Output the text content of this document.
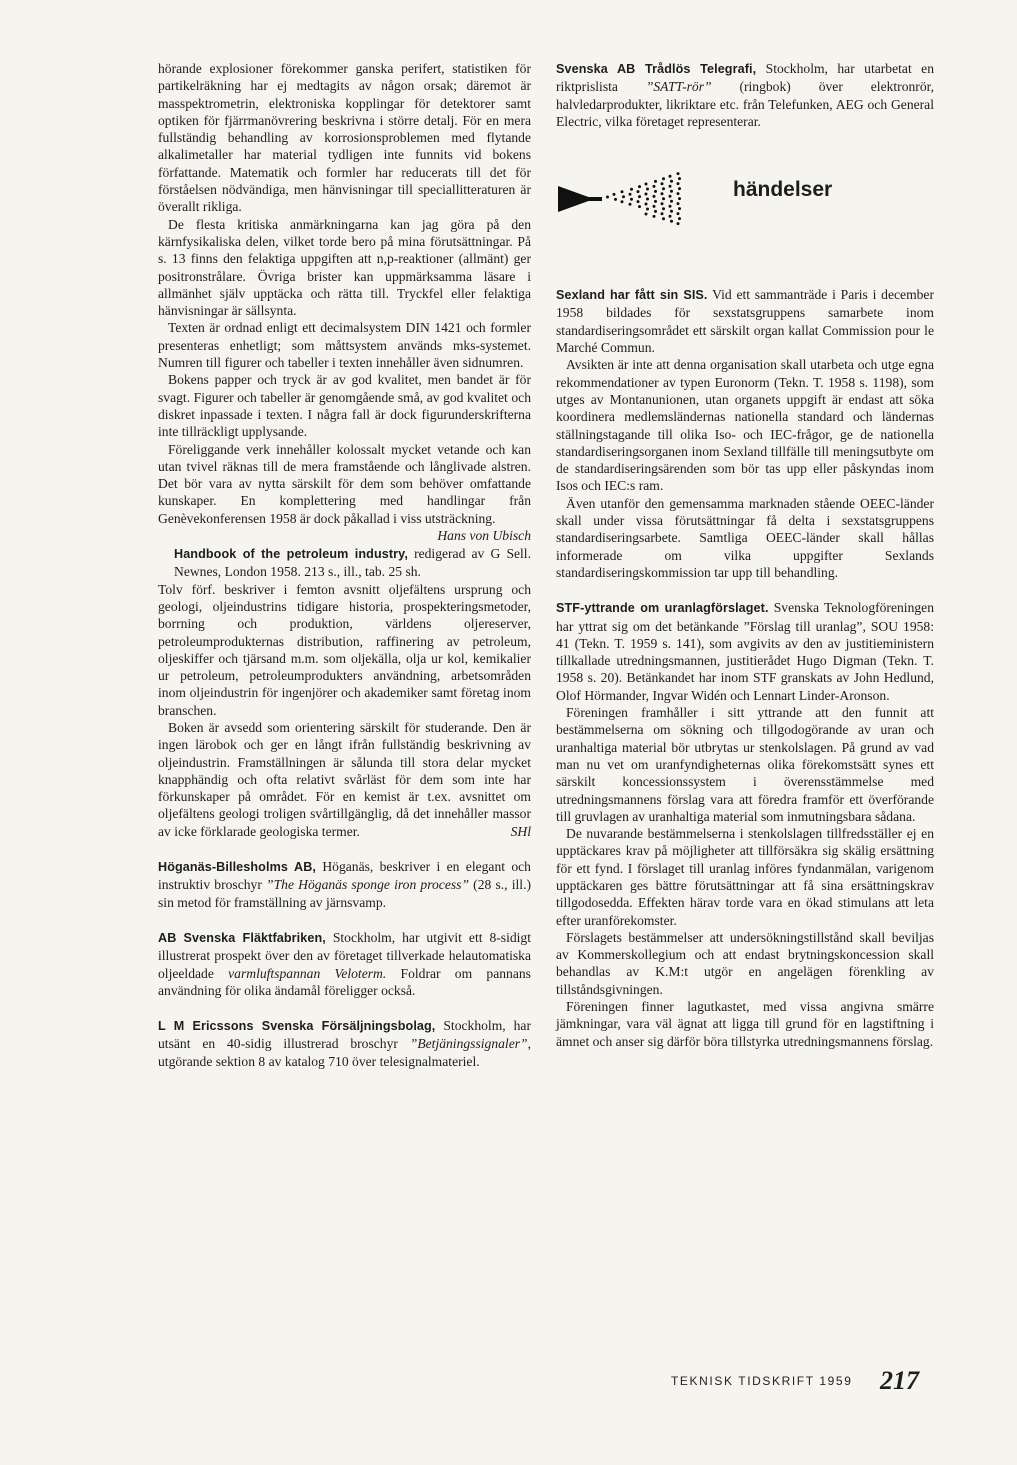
hörande explosioner förekommer ganska perifert, statistiken för partikelräkning har ej medtagits av någon orsak; däremot är masspektrometrin, elektroniska kopplingar för detektorer samt optiken för fjärrmanövrering beskrivna i större detalj. För en mera fullständig behandling av korrosionsproblemen med flytande alkalimetaller har material tydligen inte funnits vid bokens författande. Matematik och formler har reducerats till det för förståelsen nödvändiga, men hänvisningar till speciallitteraturen är överallt rikliga.

De flesta kritiska anmärkningarna kan jag göra på den kärnfysikaliska delen, vilket torde bero på mina förutsättningar. På s. 13 finns den felaktiga uppgiften att n,p-reaktioner (allmänt) ger positronstrålare. Övriga brister kan uppmärksamma läsare i allmänhet själv upptäcka och rätta till. Tryckfel eller felaktiga hänvisningar är sällsynta.

Texten är ordnad enligt ett decimalsystem DIN 1421 och formler presenteras enhetligt; som måttsystem används mks-systemet. Numren till figurer och tabeller i texten innehåller även sidnumren.

Bokens papper och tryck är av god kvalitet, men bandet är för svagt. Figurer och tabeller är genomgående små, av god kvalitet och diskret inpassade i texten. I några fall är dock figurunderskrifterna inte tillräckligt upplysande.

Föreliggande verk innehåller kolossalt mycket vetande och kan utan tvivel räknas till de mera framstående och långlivade alstren. Det bör vara av nytta särskilt för dem som behöver omfattande kunskaper. En komplettering med handlingar från Genèvekonferensen 1958 är dock påkallad i viss utsträckning.
Hans von Ubisch

Handbook of the petroleum industry, redigerad av G Sell. Newnes, London 1958. 213 s., ill., tab. 25 sh.

Tolv förf. beskriver i femton avsnitt oljefältens ursprung och geologi, oljeindustrins tidigare historia, prospekteringsmetoder, borrning och produktion, världens oljereserver, petroleumprodukternas distribution, raffinering av petroleum, oljeskiffer och tjärsand m.m. som oljekälla, olja ur kol, kemikalier ur petroleum, petroleumprodukters användning, arbetsområden inom oljeindustrin för ingenjörer och akademiker samt företag inom branschen.

Boken är avsedd som orientering särskilt för studerande. Den är ingen lärobok och ger en långt ifrån fullständig beskrivning av oljeindustrin. Framställningen är sålunda till stora delar mycket knapphändig och ofta relativt svårläst för dem som inte har förkunskaper på området. För en kemist är t.ex. avsnittet om oljefältens geologi troligen svårtillgänglig, då det innehåller massor av icke förklarade geologiska termer.	SHl

Höganäs-Billesholms AB, Höganäs, beskriver i en elegant och instruktiv broschyr ”The Höganäs sponge iron process” (28 s., ill.) sin metod för framställning av järnsvamp.

AB Svenska Fläktfabriken, Stockholm, har utgivit ett 8-sidigt illustrerat prospekt över den av företaget tillverkade helautomatiska oljeeldade varmluftspannan Veloterm. Foldrar om pannans användning för olika ändamål föreligger också.

L M Ericssons Svenska Försäljningsbolag, Stockholm, har utsänt en 40-sidig illustrerad broschyr ”Betjäningssignaler”, utgörande sektion 8 av katalog 710 över telesignalmateriel.

Svenska AB Trådlös Telegrafi, Stockholm, har utarbetat en riktprislista ”SATT-rör” (ringbok) över elektronrör, halvledarprodukter, likriktare etc. från Telefunken, AEG och General Electric, vilka företaget representerar.

händelser

Sexland har fått sin SIS. Vid ett sammanträde i Paris i december 1958 bildades för sexstatsgruppens samarbete inom standardiseringsområdet ett särskilt organ kallat Commission pour le Marché Commun.

Avsikten är inte att denna organisation skall utarbeta och utge egna rekommendationer av typen Euronorm (Tekn. T. 1958 s. 1198), som utges av Montanunionen, utan organets uppgift är endast att söka koordinera medlemsländernas nationella standard och ländernas ställningstagande till olika Iso- och IEC-frågor, ge de nationella standardiseringsorganen inom Sexland tillfälle till meningsutbyte om de standardiseringsärenden som bör tas upp eller påskyndas inom Isos och IEC:s ram.

Även utanför den gemensamma marknaden stående OEEC-länder skall under vissa förutsättningar få delta i sexstatsgruppens standardiseringsarbete. Samtliga OEEC-länder skall hållas informerade om vilka uppgifter Sexlands standardiseringskommission tar upp till behandling.

STF-yttrande om uranlagförslaget. Svenska Teknologföreningen har yttrat sig om det betänkande ”Förslag till uranlag”, SOU 1958: 41 (Tekn. T. 1959 s. 141), som avgivits av den av justitieministern tillkallade utredningsmannen, justitierådet Hugo Digman (Tekn. T. 1958 s. 20). Betänkandet har inom STF granskats av John Hedlund, Olof Hörmander, Ingvar Widén och Lennart Linder-Aronson.

Föreningen framhåller i sitt yttrande att den funnit att bestämmelserna om sökning och tillgodogörande av uran och uranhaltiga material bör utbrytas ur stenkolslagen. På grund av vad man nu vet om uranfyndigheternas olika förekomstsätt synes ett särskilt koncessionssystem i överensstämmelse med utredningsmannens förslag vara att föredra framför ett överförande till gruvlagen av uranhaltiga material som inmutningsbara sådana.

De nuvarande bestämmelserna i stenkolslagen tillfredsställer ej en upptäckares krav på möjligheter att tillförsäkra sig skälig ersättning för ett fynd. I förslaget till uranlag införes fyndanmälan, varigenom upptäckaren ges bättre förutsättningar att få sina ersättningskrav tillgodosedda. Effekten härav torde vara en ökad stimulans att leta efter uranförekomster.

Förslagets bestämmelser att undersökningstillstånd skall beviljas av Kommerskollegium och att endast brytningskoncession skall behandlas av K.M:t utgör en angelägen förenkling av tillståndsgivningen.

Föreningen finner lagutkastet, med vissa angivna smärre jämkningar, vara väl ägnat att ligga till grund för en lagstiftning i ämnet och anser sig därför böra tillstyrka utredningsmannens förslag.

TEKNISK TIDSKRIFT 1959 217
